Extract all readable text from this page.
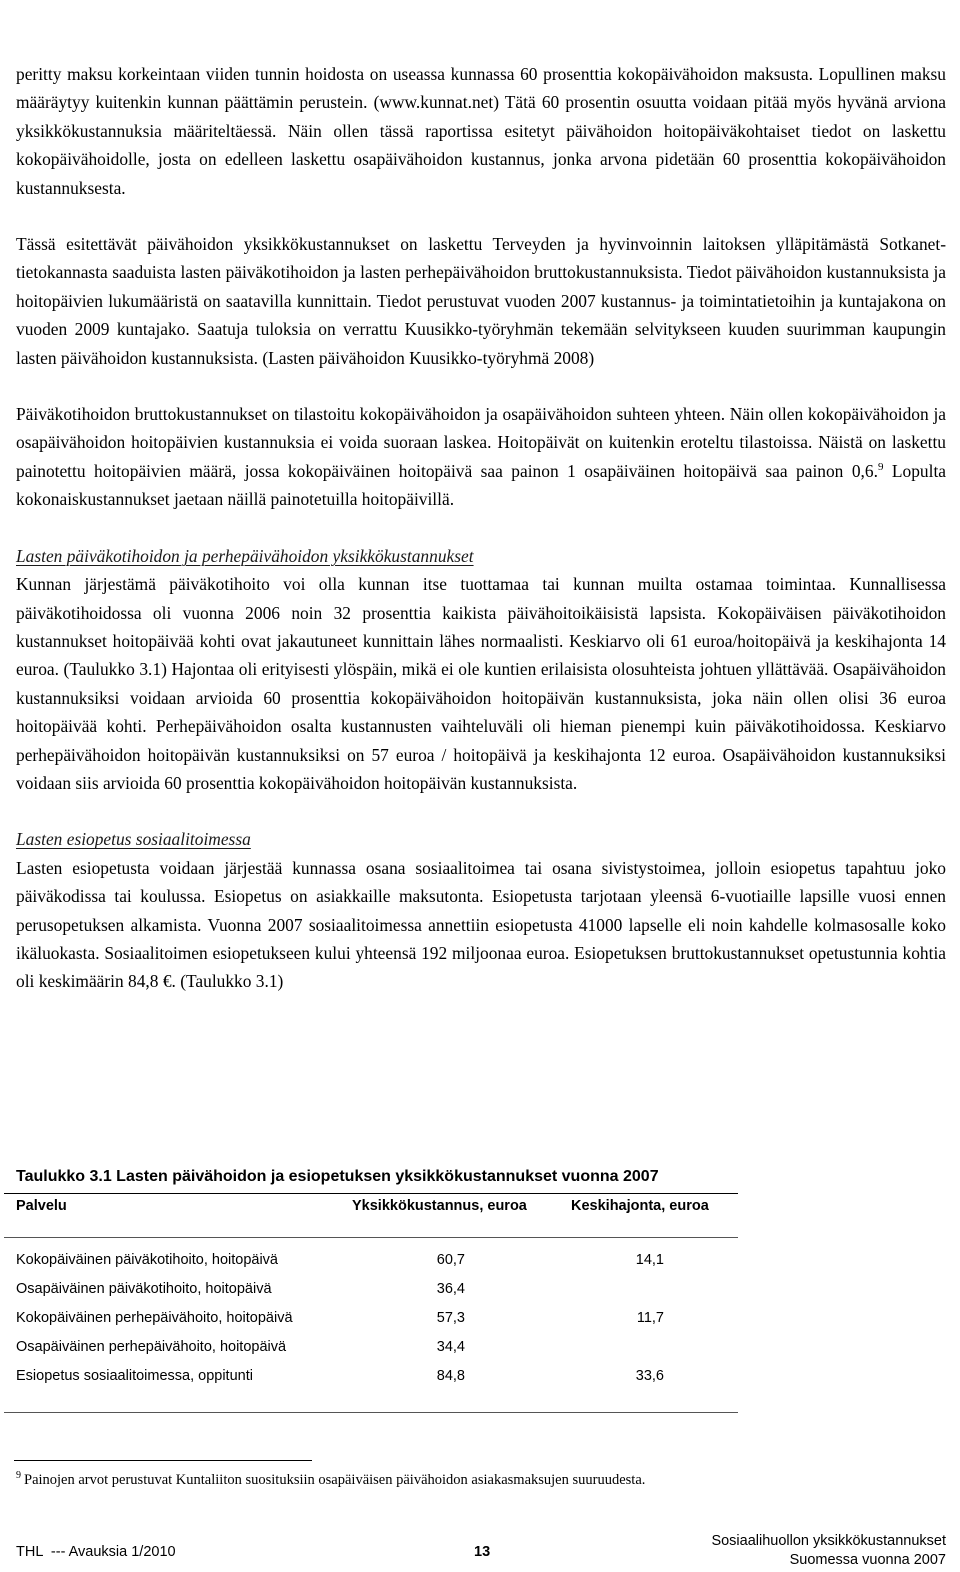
peritty maksu korkeintaan viiden tunnin hoidosta on useassa kunnassa 60 prosenttia kokopäivähoidon maksusta. Lopullinen maksu määräytyy kuitenkin kunnan päättämin perustein. (www.kunnat.net) Tätä 60 prosentin osuutta voidaan pitää myös hyvänä arviona yksikkökustannuksia määriteltäessä. Näin ollen tässä raportissa esitetyt päivähoidon hoitopäiväkohtaiset tiedot on laskettu kokopäivähoidolle, josta on edelleen laskettu osapäivähoidon kustannus, jonka arvona pidetään 60 prosenttia kokopäivähoidon kustannuksesta.

Tässä esitettävät päivähoidon yksikkökustannukset on laskettu Terveyden ja hyvinvoinnin laitoksen ylläpitämästä Sotkanet-tietokannasta saaduista lasten päiväkotihoidon ja lasten perhepäivähoidon bruttokustannuksista. Tiedot päivähoidon kustannuksista ja hoitopäivien lukumääristä on saatavilla kunnittain. Tiedot perustuvat vuoden 2007 kustannus- ja toimintatietoihin ja kuntajakona on vuoden 2009 kuntajako. Saatuja tuloksia on verrattu Kuusikko-työryhmän tekemään selvitykseen kuuden suurimman kaupungin lasten päivähoidon kustannuksista. (Lasten päivähoidon Kuusikko-työryhmä 2008)

Päiväkotihoidon bruttokustannukset on tilastoitu kokopäivähoidon ja osapäivähoidon suhteen yhteen. Näin ollen kokopäivähoidon ja osapäivähoidon hoitopäivien kustannuksia ei voida suoraan laskea. Hoitopäivät on kuitenkin eroteltu tilastoissa. Näistä on laskettu painotettu hoitopäivien määrä, jossa kokopäiväinen hoitopäivä saa painon 1 osapäiväinen hoitopäivä saa painon 0,6.$^9$ Lopulta kokonaiskustannukset jaetaan näillä painotetuilla hoitopäivillä.

Lasten päiväkotihoidon ja perhepäivähoidon yksikkökustannukset

Kunnan järjestämä päiväkotihoito voi olla kunnan itse tuottamaa tai kunnan muilta ostamaa toimintaa. Kunnallisessa päiväkotihoidossa oli vuonna 2006 noin 32 prosenttia kaikista päivähoitoikäisistä lapsista. Kokopäiväisen päiväkotihoidon kustannukset hoitopäivää kohti ovat jakautuneet kunnittain lähes normaalisti. Keskiarvo oli 61 euroa/hoitopäivä ja keskihajonta 14 euroa. (Taulukko 3.1) Hajontaa oli erityisesti ylöspäin, mikä ei ole kuntien erilaisista olosuhteista johtuen yllättävää. Osapäivähoidon kustannuksiksi voidaan arvioida 60 prosenttia kokopäivähoidon hoitopäivän kustannuksista, joka näin ollen olisi 36 euroa hoitopäivää kohti. Perhepäivähoidon osalta kustannusten vaihteluväli oli hieman pienempi kuin päiväkotihoidossa. Keskiarvo perhepäivähoidon hoitopäivän kustannuksiksi on 57 euroa / hoitopäivä ja keskihajonta 12 euroa. Osapäivähoidon kustannuksiksi voidaan siis arvioida 60 prosenttia kokopäivähoidon hoitopäivän kustannuksista.

Lasten esiopetus sosiaalitoimessa

Lasten esiopetusta voidaan järjestää kunnassa osana sosiaalitoimea tai osana sivistystoimea, jolloin esiopetus tapahtuu joko päiväkodissa tai koulussa. Esiopetus on asiakkaille maksutonta. Esiopetusta tarjotaan yleensä 6-vuotiaille lapsille vuosi ennen perusopetuksen alkamista. Vuonna 2007 sosiaalitoimessa annettiin esiopetusta 41000 lapselle eli noin kahdelle kolmasosalle koko ikäluokasta. Sosiaalitoimen esiopetukseen kului yhteensä 192 miljoonaa euroa. Esiopetuksen bruttokustannukset opetustunnia kohtia oli keskimäärin 84,8 €. (Taulukko 3.1)

Taulukko 3.1 Lasten päivähoidon ja esiopetuksen yksikkökustannukset vuonna 2007
Palvelu	Yksikkökustannus, euroa	Keskihajonta, euroa
Kokopäiväinen päiväkotihoito, hoitopäivä	60,7	14,1
Osapäiväinen päiväkotihoito, hoitopäivä	36,4
Kokopäiväinen perhepäivähoito, hoitopäivä	57,3	11,7
Osapäiväinen perhepäivähoito, hoitopäivä	34,4
Esiopetus sosiaalitoimessa, oppitunti	84,8	33,6
$^9$ Painojen arvot perustuvat Kuntaliiton suosituksiin osapäiväisen päivähoidon asiakasmaksujen suuruudesta.
THL  --- Avauksia 1/2010	13
Sosiaalihuollon yksikkökustannukset
Suomessa vuonna 2007
